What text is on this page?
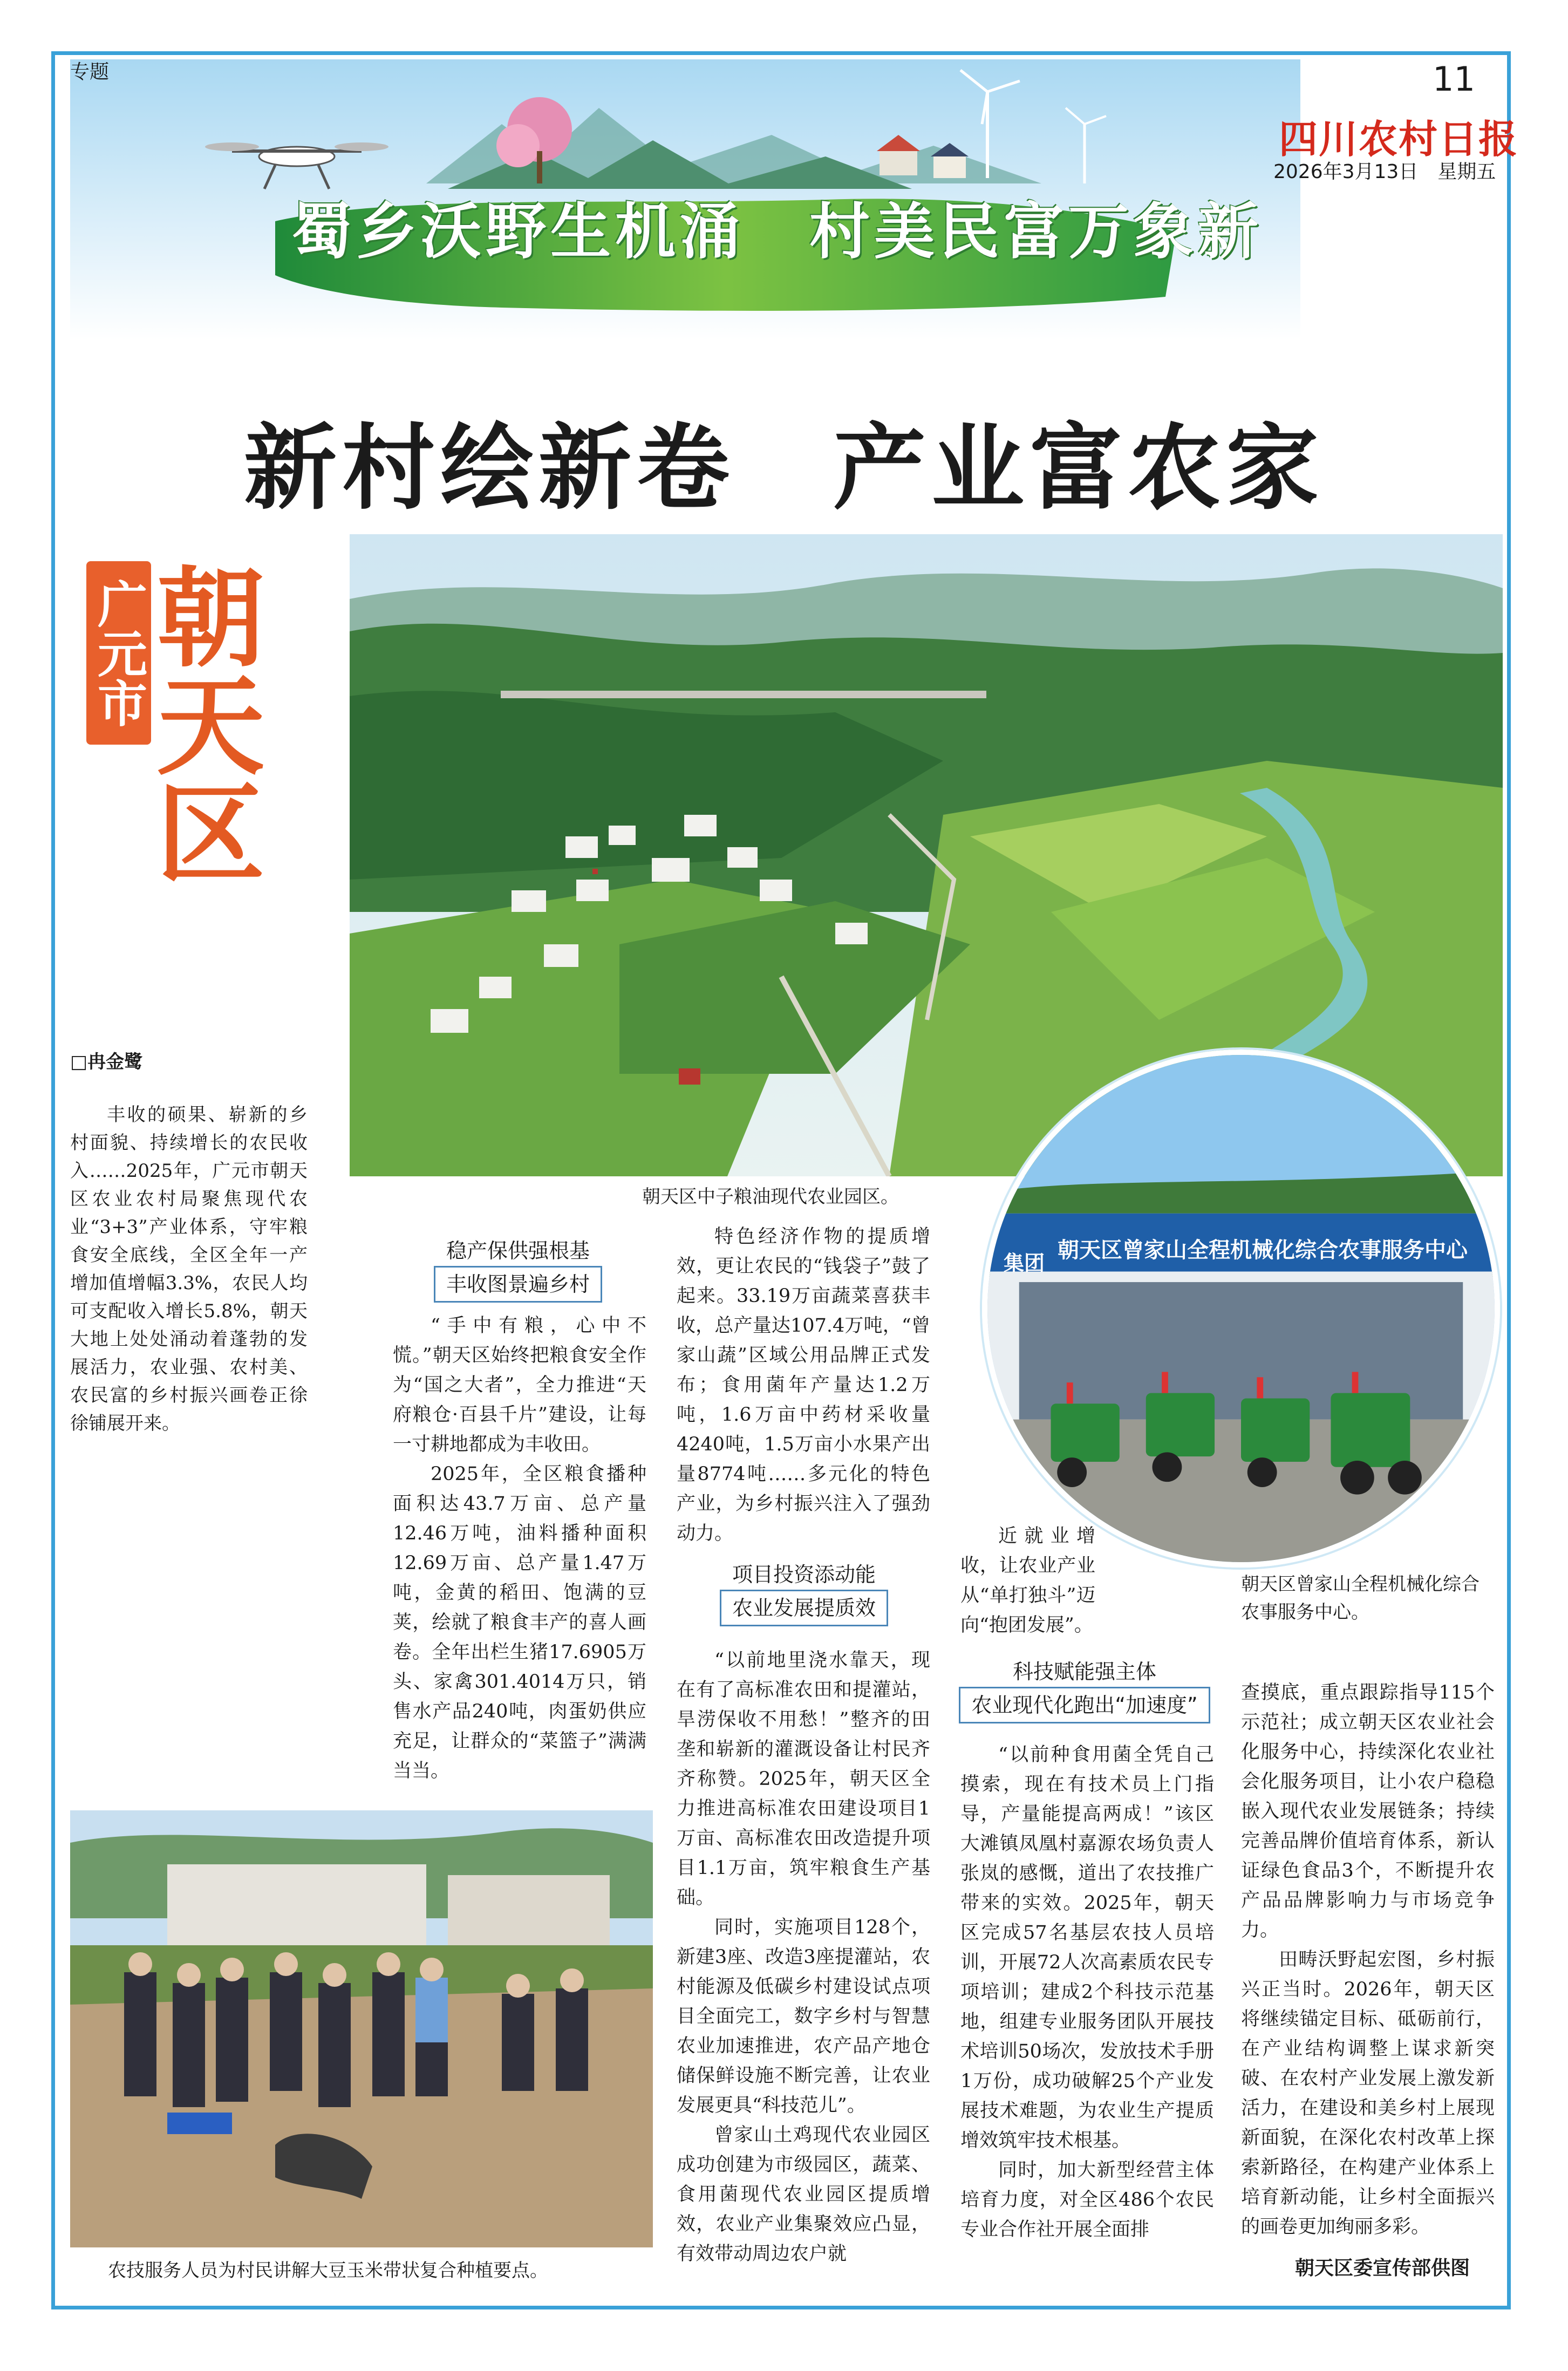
蜀乡沃野生机涌　村美民富万象新
专题	11
四川农村日报
2026年3月13日　星期五
新村绘新卷　产业富农家
广元市
朝天区
朝天区中子粮油现代农业园区。
□冉金鹭

丰收的硕果、崭新的乡村面貌、持续增长的农民收入……2025年，广元市朝天区农业农村局聚焦现代农业“3+3”产业体系，守牢粮食安全底线，全区全年一产增加值增幅3.3%，农民人均可支配收入增长5.8%，朝天大地上处处涌动着蓬勃的发展活力，农业强、农村美、农民富的乡村振兴画卷正徐徐铺展开来。

稳产保供强根基
丰收图景遍乡村

“手中有粮，心中不慌。”朝天区始终把粮食安全作为“国之大者”，全力推进“天府粮仓·百县千片”建设，让每一寸耕地都成为丰收田。

2025年，全区粮食播种面积达43.7万亩、总产量12.46万吨，油料播种面积12.69万亩、总产量1.47万吨，金黄的稻田、饱满的豆荚，绘就了粮食丰产的喜人画卷。全年出栏生猪17.6905万头、家禽301.4014万只，销售水产品240吨，肉蛋奶供应充足，让群众的“菜篮子”满满当当。

特色经济作物的提质增效，更让农民的“钱袋子”鼓了起来。33.19万亩蔬菜喜获丰收，总产量达107.4万吨，“曾家山蔬”区域公用品牌正式发布；食用菌年产量达1.2万吨，1.6万亩中药材采收量4240吨，1.5万亩小水果产出量8774吨……多元化的特色产业，为乡村振兴注入了强劲动力。

项目投资添动能
农业发展提质效

“以前地里浇水靠天，现在有了高标准农田和提灌站，旱涝保收不用愁！”整齐的田垄和崭新的灌溉设备让村民齐齐称赞。2025年，朝天区全力推进高标准农田建设项目1万亩、高标准农田改造提升项目1.1万亩，筑牢粮食生产基础。

同时，实施项目128个，新建3座、改造3座提灌站，农村能源及低碳乡村建设试点项目全面完工，数字乡村与智慧农业加速推进，农产品产地仓储保鲜设施不断完善，让农业发展更具“科技范儿”。

曾家山土鸡现代农业园区成功创建为市级园区，蔬菜、食用菌现代农业园区提质增效，农业产业集聚效应凸显，有效带动周边农户就

集团
朝天区曾家山全程机械化综合农事服务中心
朝天区曾家山全程机械化综合农事服务中心。

近就业增收，让农业产业从“单打独斗”迈向“抱团发展”。

科技赋能强主体
农业现代化跑出“加速度”

“以前种食用菌全凭自己摸索，现在有技术员上门指导，产量能提高两成！”该区大滩镇凤凰村嘉源农场负责人张岚的感慨，道出了农技推广带来的实效。2025年，朝天区完成57名基层农技人员培训，开展72人次高素质农民专项培训；建成2个科技示范基地，组建专业服务团队开展技术培训50场次，发放技术手册1万份，成功破解25个产业发展技术难题，为农业生产提质增效筑牢技术根基。

同时，加大新型经营主体培育力度，对全区486个农民专业合作社开展全面排

查摸底，重点跟踪指导115个示范社；成立朝天区农业社会化服务中心，持续深化农业社会化服务项目，让小农户稳稳嵌入现代农业发展链条；持续完善品牌价值培育体系，新认证绿色食品3个，不断提升农产品品牌影响力与市场竞争力。

田畴沃野起宏图，乡村振兴正当时。2026年，朝天区将继续锚定目标、砥砺前行，在产业结构调整上谋求新突破、在农村产业发展上激发新活力，在建设和美乡村上展现新面貌，在深化农村改革上探索新路径，在构建产业体系上培育新动能，让乡村全面振兴的画卷更加绚丽多彩。

农技服务人员为村民讲解大豆玉米带状复合种植要点。	朝天区委宣传部供图
